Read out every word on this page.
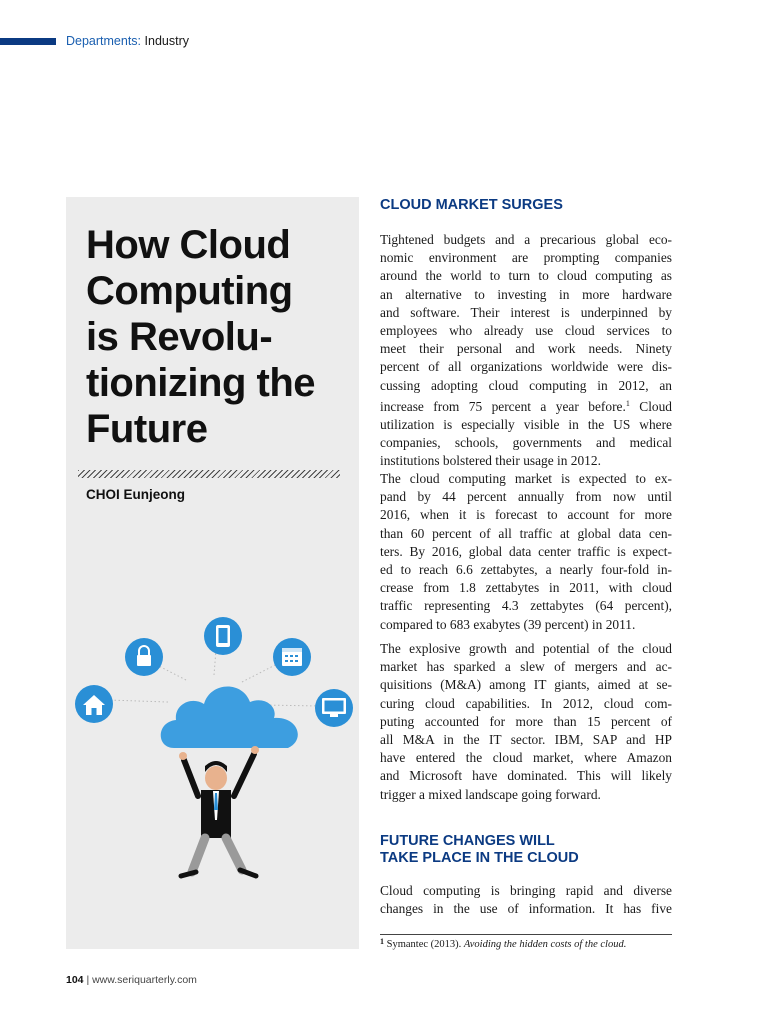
Departments: Industry
How Cloud
Computing
is Revolu-
tionizing the
Future
CHOI Eunjeong
CLOUD MARKET SURGES
Tightened budgets and a precarious global eco-
nomic environment are prompting companies
around the world to turn to cloud computing as
an alternative to investing in more hardware
and software. Their interest is underpinned by
employees who already use cloud services to
meet their personal and work needs. Ninety
percent of all organizations worldwide were dis-
cussing adopting cloud computing in 2012, an
increase from 75 percent a year before.$^1$ Cloud
utilization is especially visible in the US where
companies, schools, governments and medical
institutions bolstered their usage in 2012.
The cloud computing market is expected to ex-
pand by 44 percent annually from now until
2016, when it is forecast to account for more
than 60 percent of all traffic at global data cen-
ters. By 2016, global data center traffic is expect-
ed to reach 6.6 zettabytes, a nearly four-fold in-
crease from 1.8 zettabytes in 2011, with cloud
traffic representing 4.3 zettabytes (64 percent),
compared to 683 exabytes (39 percent) in 2011.
The explosive growth and potential of the cloud
market has sparked a slew of mergers and ac-
quisitions (M&A) among IT giants, aimed at se-
curing cloud capabilities. In 2012, cloud com-
puting accounted for more than 15 percent of
all M&A in the IT sector. IBM, SAP and HP
have entered the cloud market, where Amazon
and Microsoft have dominated. This will likely
trigger a mixed landscape going forward.
FUTURE CHANGES WILL
TAKE PLACE IN THE CLOUD
Cloud computing is bringing rapid and diverse
changes in the use of information. It has five
$^1$ Symantec (2013). Avoiding the hidden costs of the cloud.
104 | www.seriquarterly.com
